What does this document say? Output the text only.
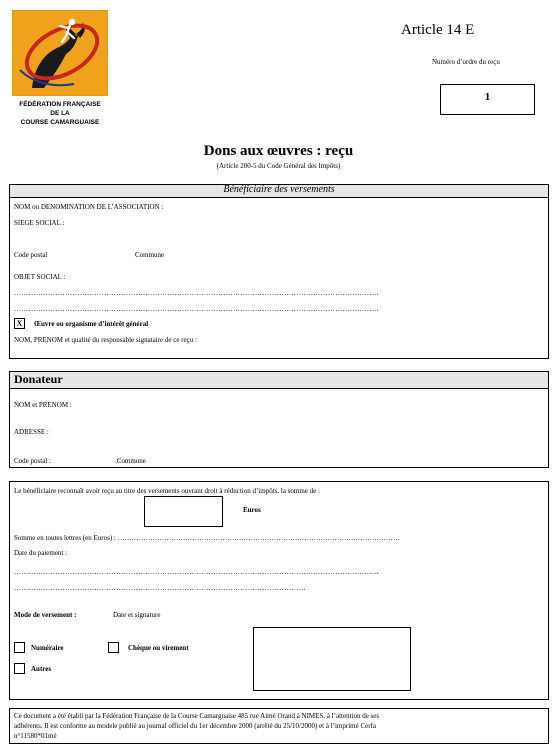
FÉDÉRATION FRANÇAISE
DE LA
COURSE CAMARGUAISE
Article 14 E
Numéro d’ordre du reçu
1
Dons aux œuvres : reçu
(Article 200-5 du Code Général des Impôts)
Bénéficiaire des versements
NOM ou DENOMINATION DE L’ASSOCIATION :
SIEGE SOCIAL :
Code postal	Commune
OBJET SOCIAL :
……………………………………………………………………………………………………………………………………
……………………………………………………………………………………………………………………………………
X	Œuvre ou organisme d’intérêt général
NOM, PRENOM et qualité du responsable signataire de ce reçu :
Donateur
NOM et PRENOM :
ADRESSE :
Code postal :	.Commune
Le bénéficiaire reconnaît avoir reçu au titre des versements ouvrant droit à réduction d’impôts, la somme de :
Euros
Somme en toutes lettres (en Euros) : ………………………………………………………………………………………………………….
Date du paiement :
……………………………………………………………………………………………………………………………………
…………………………………………………………………………………………………………
Mode de versement :	Date et signature
Numéraire	Chèque ou virement
Autres
Ce document a été établi par la Fédération Française de la Course Camarguaise 485 rue Aimé Orand à NIMES, à l’attention de ses
adhérents. Il est conforme au modele publié au journal officiel du 1er décembre 2000 (arrêté du 25/10/2000) et à l’imprimé Cerfa
n°11580*01mé
